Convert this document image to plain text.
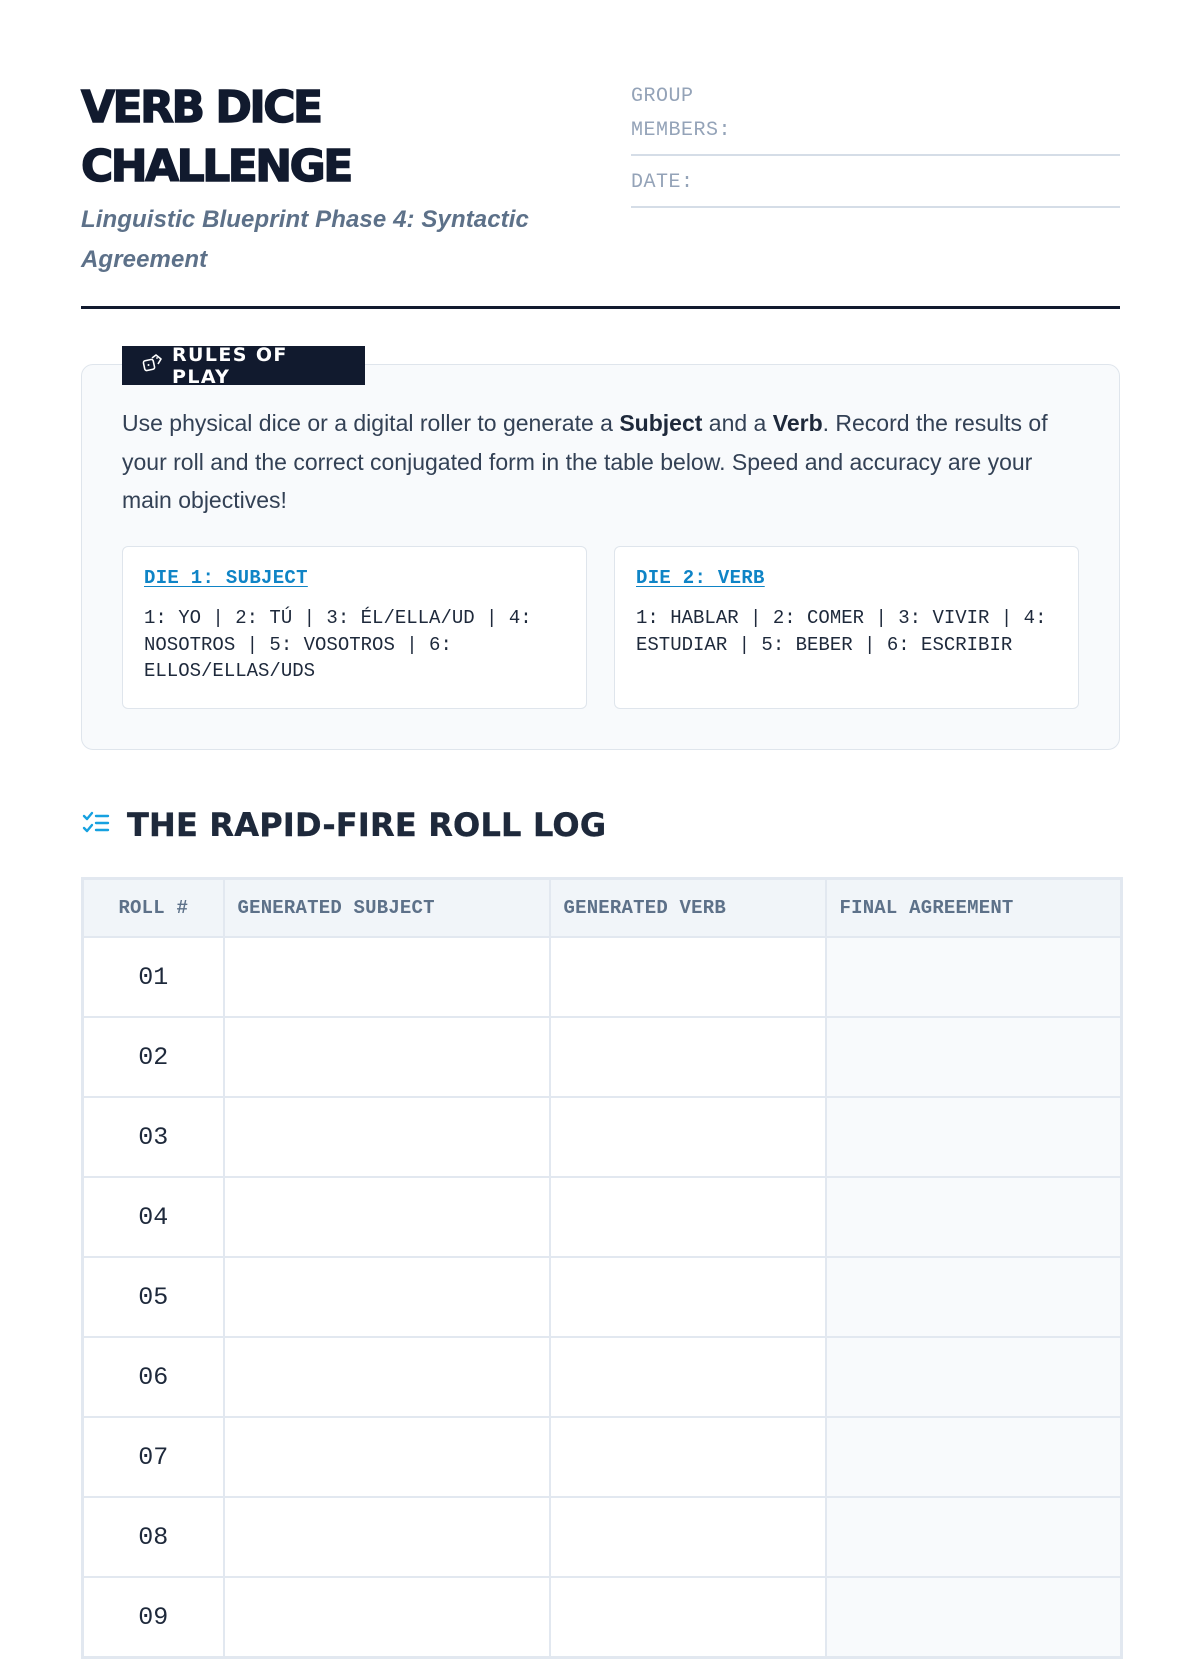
VERB DICE CHALLENGE
Linguistic Blueprint Phase 4: Syntactic Agreement
GROUP MEMBERS:
DATE:
RULES OF PLAY

Use physical dice or a digital roller to generate a Subject and a Verb. Record the results of your roll and the correct conjugated form in the table below. Speed and accuracy are your main objectives!

DIE 1: SUBJECT
1: YO | 2: TÚ | 3: ÉL/ELLA/UD | 4: NOSOTROS | 5: VOSOTROS | 6: ELLOS/ELLAS/UDS
DIE 2: VERB
1: HABLAR | 2: COMER | 3: VIVIR | 4: ESTUDIAR | 5: BEBER | 6: ESCRIBIR
THE RAPID-FIRE ROLL LOG
ROLL #	GENERATED SUBJECT	GENERATED VERB	FINAL AGREEMENT
01			
02			
03			
04			
05			
06			
07			
08			
09			
